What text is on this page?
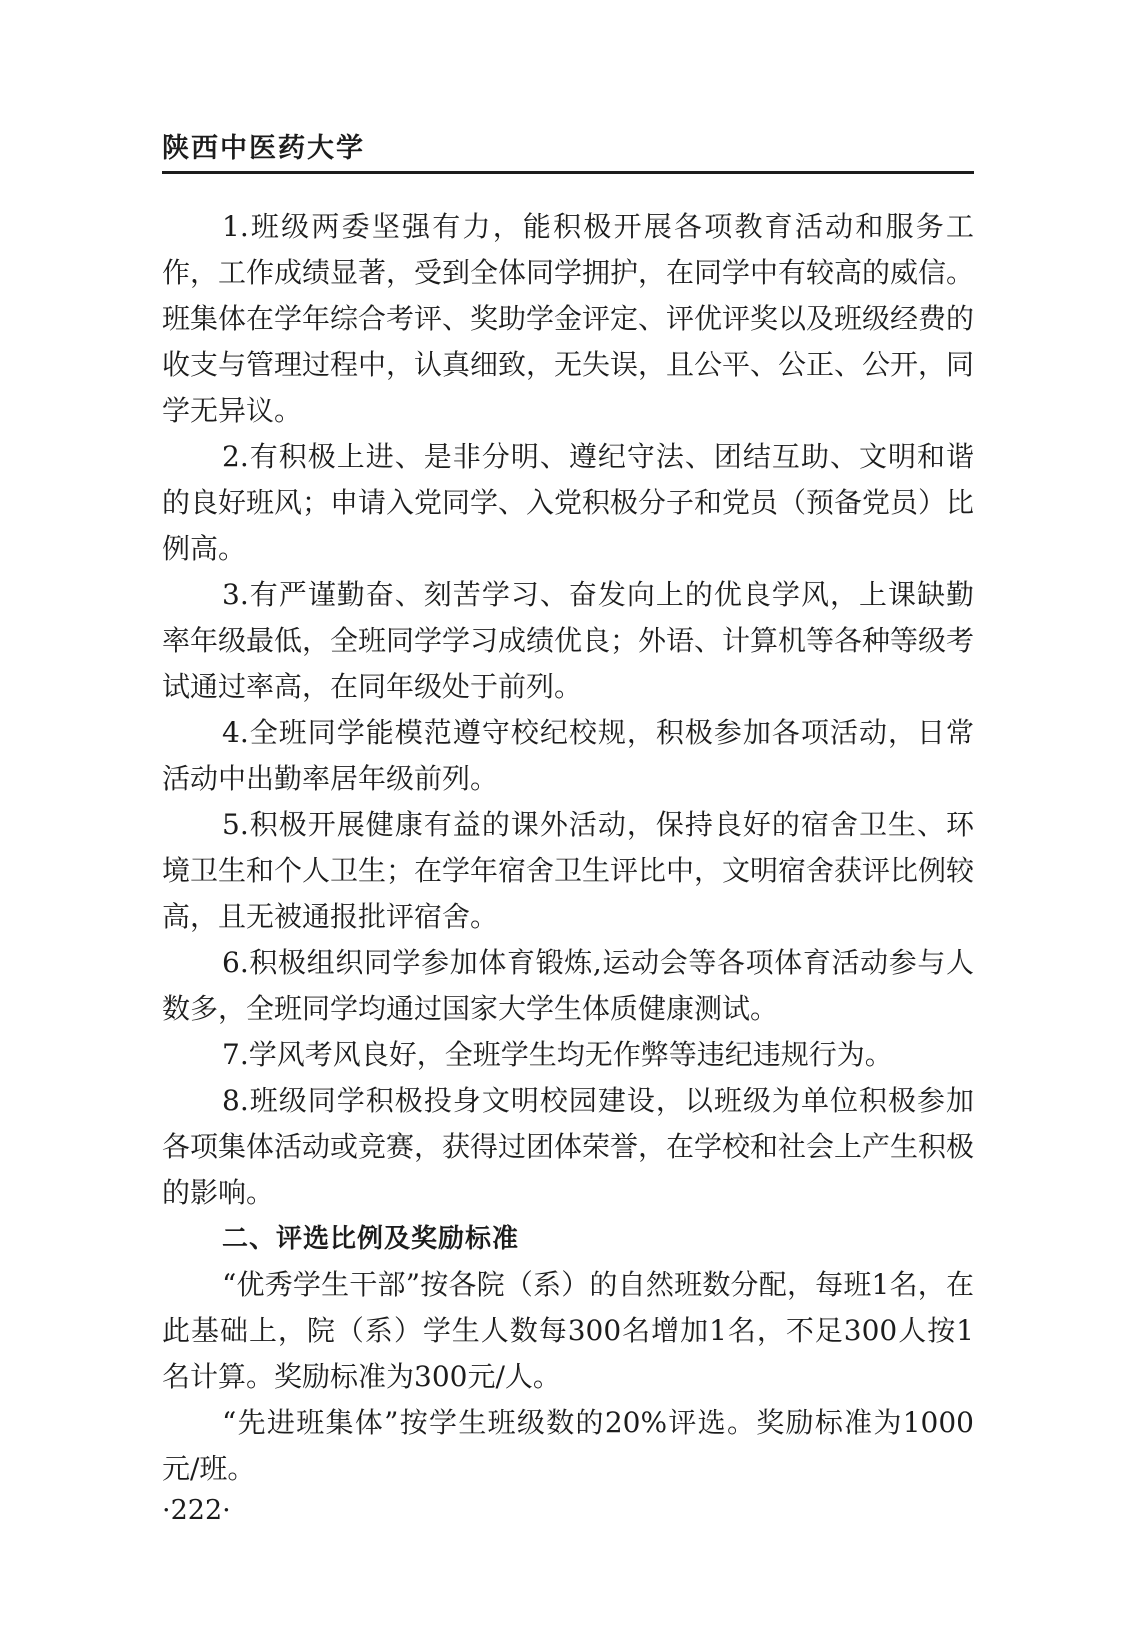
陕西中医药大学

1.班级两委坚强有力，能积极开展各项教育活动和服务工作，工作成绩显著，受到全体同学拥护，在同学中有较高的威信。班集体在学年综合考评、奖助学金评定、评优评奖以及班级经费的收支与管理过程中，认真细致，无失误，且公平、公正、公开，同学无异议。

2.有积极上进、是非分明、遵纪守法、团结互助、文明和谐的良好班风；申请入党同学、入党积极分子和党员（预备党员）比例高。

3.有严谨勤奋、刻苦学习、奋发向上的优良学风，上课缺勤率年级最低，全班同学学习成绩优良；外语、计算机等各种等级考试通过率高，在同年级处于前列。

4.全班同学能模范遵守校纪校规，积极参加各项活动，日常活动中出勤率居年级前列。

5.积极开展健康有益的课外活动，保持良好的宿舍卫生、环境卫生和个人卫生；在学年宿舍卫生评比中，文明宿舍获评比例较高，且无被通报批评宿舍。

6.积极组织同学参加体育锻炼,运动会等各项体育活动参与人数多，全班同学均通过国家大学生体质健康测试。

7.学风考风良好，全班学生均无作弊等违纪违规行为。

8.班级同学积极投身文明校园建设，以班级为单位积极参加各项集体活动或竞赛，获得过团体荣誉，在学校和社会上产生积极的影响。

二、评选比例及奖励标准

“优秀学生干部”按各院（系）的自然班数分配，每班1名，在此基础上，院（系）学生人数每300名增加1名，不足300人按1名计算。奖励标准为300元/人。

“先进班集体”按学生班级数的20%评选。奖励标准为1000元/班。

·222·
